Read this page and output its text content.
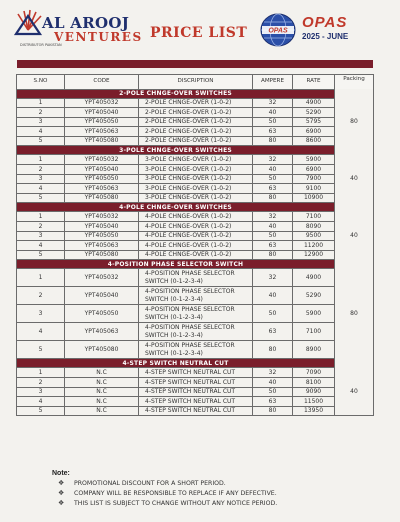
AL AROOJ
VENTURES
DISTRIBUTOR PAKISTAN
PRICE LIST	OPAS OPAS
2025 - JUNE
S.NO	CODE	DISCRIPTION	AMPERE	RATE	Packing
2-POLE CHNGE-OVER SWITCHES					
1	YPT405032	2-POLE CHNGE-OVER (1-0-2)	32	4900	80
2	YPT405040	2-POLE CHNGE-OVER (1-0-2)	40	5290	
3	YPT405050	2-POLE CHNGE-OVER (1-0-2)	50	5795	
4	YPT405063	2-POLE CHNGE-OVER (1-0-2)	63	6900	
5	YPT405080	2-POLE CHNGE-OVER (1-0-2)	80	8600	
3-POLE CHNGE-OVER SWITCHES					
1	YPT405032	3-POLE CHNGE-OVER (1-0-2)	32	5900	40
2	YPT405040	3-POLE CHNGE-OVER (1-0-2)	40	6900	
3	YPT405050	3-POLE CHNGE-OVER (1-0-2)	50	7900	
4	YPT405063	3-POLE CHNGE-OVER (1-0-2)	63	9100	
5	YPT405080	3-POLE CHNGE-OVER (1-0-2)	80	10900	
4-POLE CHNGE-OVER SWITCHES					
1	YPT405032	4-POLE CHNGE-OVER (1-0-2)	32	7100	40
2	YPT405040	4-POLE CHNGE-OVER (1-0-2)	40	8090	
3	YPT405050	4-POLE CHNGE-OVER (1-0-2)	50	9500	
4	YPT405063	4-POLE CHNGE-OVER (1-0-2)	63	11200	
5	YPT405080	4-POLE CHNGE-OVER (1-0-2)	80	12900	
4-POSITION PHASE SELECTOR SWITCH					
1	YPT405032	4-POSITION PHASE SELECTOR SWITCH (0-1-2-3-4)	32	4900	80
2	YPT405040	4-POSITION PHASE SELECTOR SWITCH (0-1-2-3-4)	40	5290	
3	YPT405050	4-POSITION PHASE SELECTOR SWITCH (0-1-2-3-4)	50	5900	
4	YPT405063	4-POSITION PHASE SELECTOR SWITCH (0-1-2-3-4)	63	7100	
5	YPT405080	4-POSITION PHASE SELECTOR SWITCH (0-1-2-3-4)	80	8900	
4-STEP SWITCH NEUTRAL CUT					
1	N.C	4-STEP SWITCH NEUTRAL CUT	32	7090	40
2	N.C	4-STEP SWITCH NEUTRAL CUT	40	8100	
3	N.C	4-STEP SWITCH NEUTRAL CUT	50	9090	
4	N.C	4-STEP SWITCH NEUTRAL CUT	63	11500	
5	N.C	4-STEP SWITCH NEUTRAL CUT	80	13950	
Note:
❖ PROMOTIONAL DISCOUNT FOR A SHORT PERIOD.
❖ COMPANY WILL BE RESPONSIBLE TO REPLACE IF ANY DEFECTIVE.
❖ THIS LIST IS SUBJECT TO CHANGE WITHOUT ANY NOTICE PERIOD.
